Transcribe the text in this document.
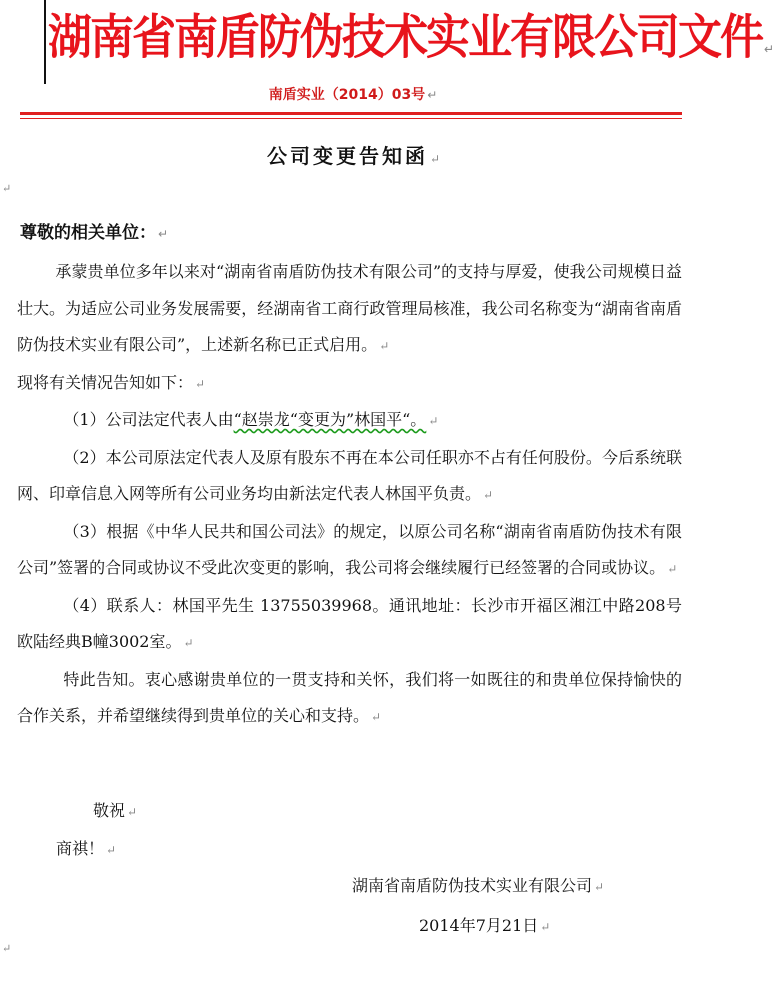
湖南省南盾防伪技术实业有限公司文件 ↵
南盾实业（2014）03号 ↵
公司变更告知函 ↵
↵
尊敬的相关单位： ↵

承蒙贵单位多年以来对“湖南省南盾防伪技术有限公司”的支持与厚爱，使我公司规模日益壮大。为适应公司业务发展需要，经湖南省工商行政管理局核准，我公司名称变为“湖南省南盾防伪技术实业有限公司”，上述新名称已正式启用。 ↵

现将有关情况告知如下： ↵

（1）公司法定代表人由“赵崇龙“变更为”林国平“。 ↵

（2）本公司原法定代表人及原有股东不再在本公司任职亦不占有任何股份。今后系统联网、印章信息入网等所有公司业务均由新法定代表人林国平负责。 ↵

（3）根据《中华人民共和国公司法》的规定，以原公司名称“湖南省南盾防伪技术有限公司”签署的合同或协议不受此次变更的影响，我公司将会继续履行已经签署的合同或协议。 ↵

（4）联系人：林国平先生 13755039968。通讯地址：长沙市开福区湘江中路208号欧陆经典B幢3002室。 ↵

特此告知。衷心感谢贵单位的一贯支持和关怀，我们将一如既往的和贵单位保持愉快的合作关系，并希望继续得到贵单位的关心和支持。 ↵

敬祝 ↵
商祺！ ↵
湖南省南盾防伪技术实业有限公司 ↵
2014年7月21日 ↵
↵
